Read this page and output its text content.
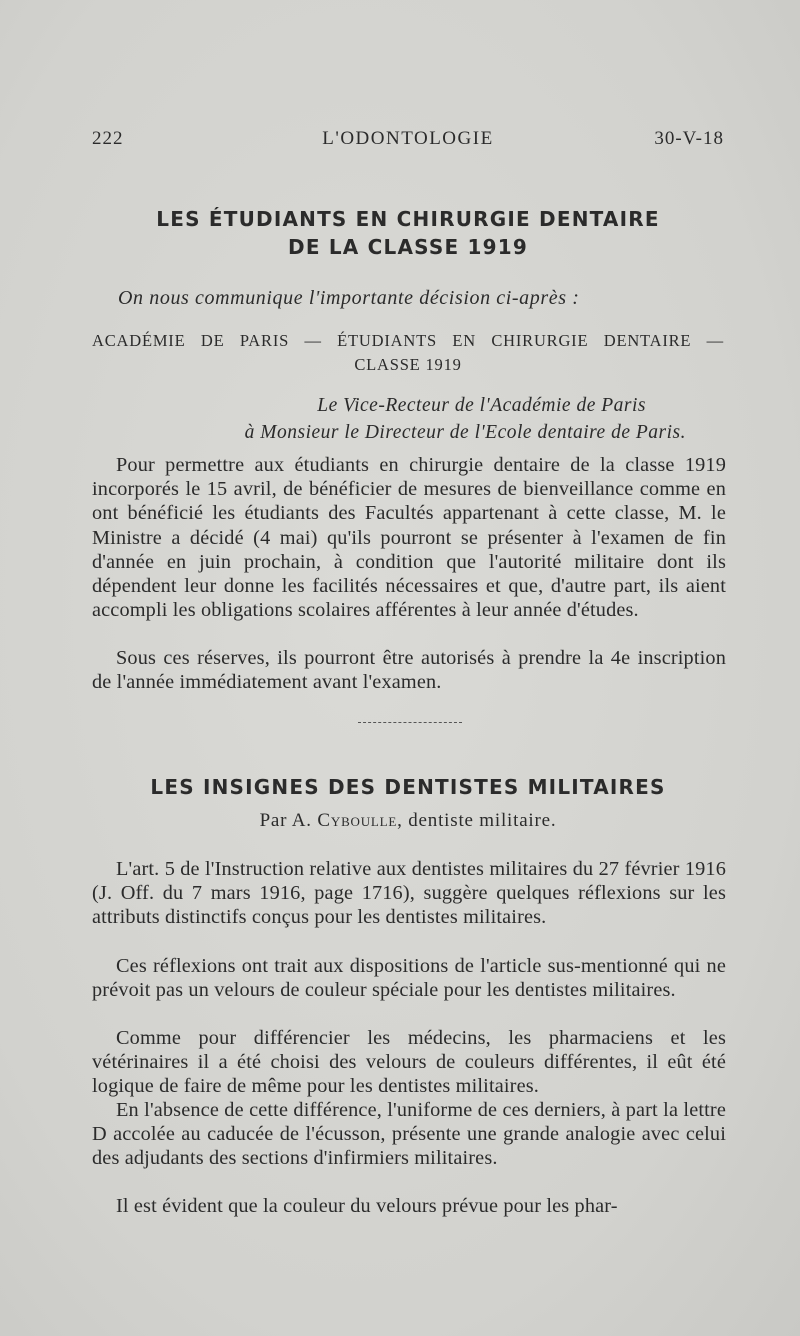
L'ODONTOLOGIE
222	30-V-18
LES ÉTUDIANTS EN CHIRURGIE DENTAIRE
DE LA CLASSE 1919
On nous communique l'importante décision ci-après :
ACADÉMIE DE PARIS — ÉTUDIANTS EN CHIRURGIE DENTAIRE —
CLASSE 1919
Le Vice-Recteur de l'Académie de Paris
à Monsieur le Directeur de l'Ecole dentaire de Paris.

Pour permettre aux étudiants en chirurgie dentaire de la classe 1919 incorporés le 15 avril, de bénéficier de mesures de bienveillance comme en ont bénéficié les étudiants des Facultés appartenant à cette classe, M. le Ministre a décidé (4 mai) qu'ils pourront se présenter à l'examen de fin d'année en juin prochain, à condition que l'autorité militaire dont ils dépendent leur donne les facilités nécessaires et que, d'autre part, ils aient accompli les obligations scolaires afférentes à leur année d'études.

Sous ces réserves, ils pourront être autorisés à prendre la 4e inscription de l'année immédiatement avant l'examen.

LES INSIGNES DES DENTISTES MILITAIRES
Par A. Cyboulle, dentiste militaire.

L'art. 5 de l'Instruction relative aux dentistes militaires du 27 février 1916 (J. Off. du 7 mars 1916, page 1716), suggère quelques réflexions sur les attributs distinctifs conçus pour les dentistes militaires.

Ces réflexions ont trait aux dispositions de l'article sus-mentionné qui ne prévoit pas un velours de couleur spéciale pour les dentistes militaires.

Comme pour différencier les médecins, les pharmaciens et les vétérinaires il a été choisi des velours de couleurs différentes, il eût été logique de faire de même pour les dentistes militaires.

En l'absence de cette différence, l'uniforme de ces derniers, à part la lettre D accolée au caducée de l'écusson, présente une grande analogie avec celui des adjudants des sections d'infirmiers militaires.

Il est évident que la couleur du velours prévue pour les phar-
